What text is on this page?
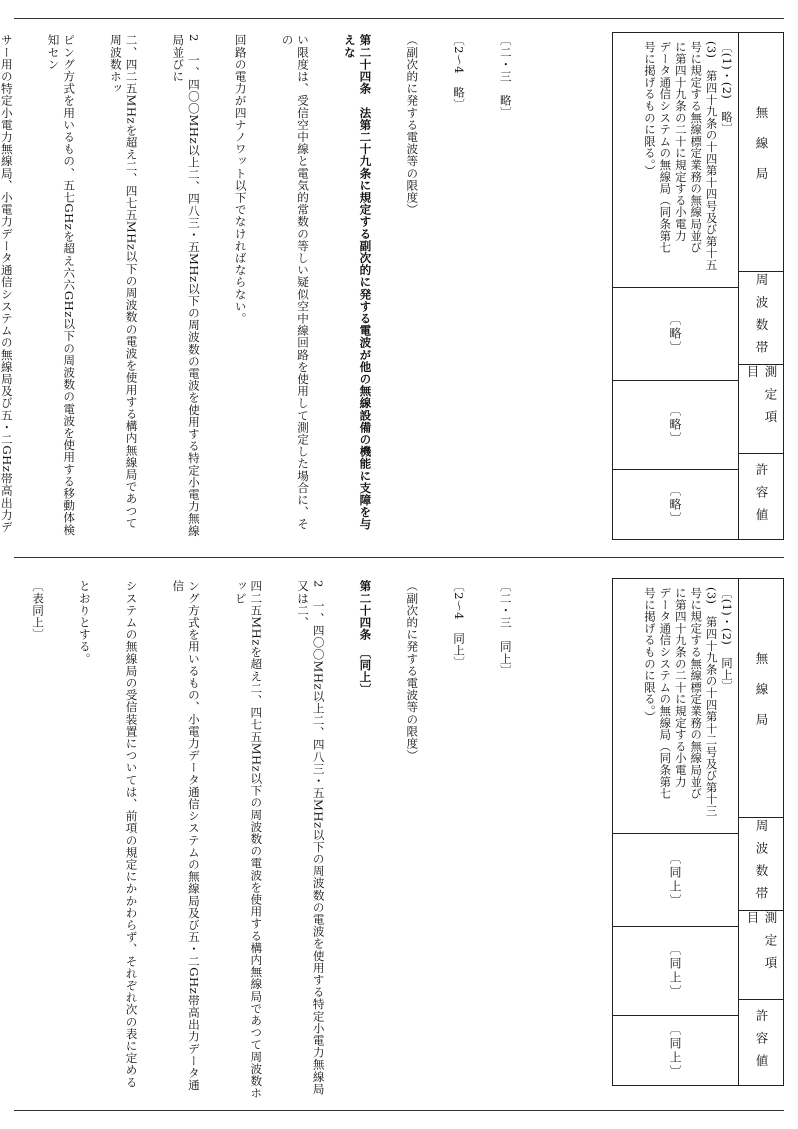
無線局
周波数帯
測定項目
許容値
〔(1)・(2)　略〕
(3)　第四十九条の十四第十四号及び第十五
号に規定する無線標定業務の無線局並び
に第四十九条の二十に規定する小電力
データ通信システムの無線局（同条第七
号に掲げるものに限る。）
〔略〕
〔略〕
〔略〕

〔二・三　略〕

〔2～4　略〕

（副次的に発する電波等の限度）

第二十四条　法第二十九条に規定する副次的に発する電波が他の無線設備の機能に支障を与えな

い限度は、受信空中線と電気的常数の等しい疑似空中線回路を使用して測定した場合に、その

回路の電力が四ナノワット以下でなければならない。

2　一、四〇〇MHz以上二、四八三・五MHz以下の周波数の電波を使用する特定小電力無線局並びに

二、四二五MHzを超え二、四七五MHz以下の周波数の電波を使用する構内無線局であつて周波数ホッ

ピング方式を用いるもの、五七GHzを超え六六GHz以下の周波数の電波を使用する移動体検知セン

サー用の特定小電力無線局、小電力データ通信システムの無線局及び五・二GHz帯高出力デ

無線局
周波数帯
測定項目
許容値
〔(1)・(2)　同上〕
(3)　第四十九条の十四第十二号及び第十三
号に規定する無線標定業務の無線局並び
に第四十九条の二十に規定する小電力
データ通信システムの無線局（同条第七
号に掲げるものに限る。）
〔同上〕
〔同上〕
〔同上〕

〔二・三　同上〕

〔2～4　同上〕

（副次的に発する電波等の限度）

第二十四条　〔同上〕

2　一、四〇〇MHz以上二、四八三・五MHz以下の周波数の電波を使用する特定小電力無線局又は二、

四二五MHzを超え二、四七五MHz以下の周波数の電波を使用する構内無線局であつて周波数ホッピ

ング方式を用いるもの、小電力データ通信システムの無線局及び五・二GHz帯高出力データ通信

システムの無線局の受信装置については、前項の規定にかかわらず、それぞれ次の表に定める

とおりとする。

〔表同上〕
